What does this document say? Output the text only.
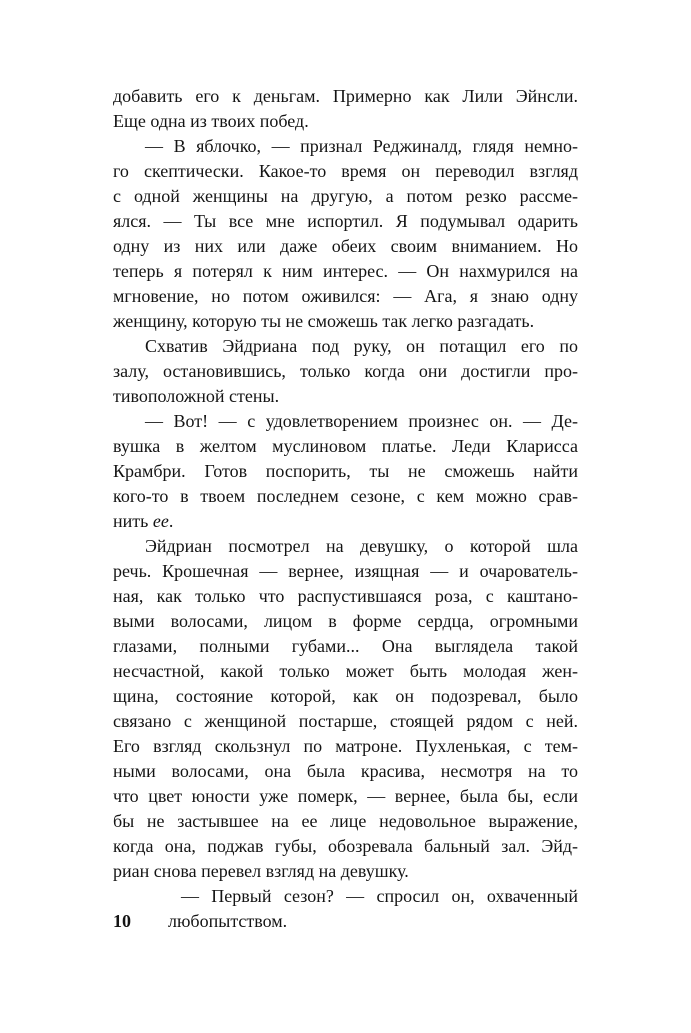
добавить его к деньгам. Примерно как Лили Эйнсли.
Еще одна из твоих побед.
— В яблочко, — признал Реджиналд, глядя немно-
го скептически. Какое-то время он переводил взгляд
с одной женщины на другую, а потом резко рассме-
ялся. — Ты все мне испортил. Я подумывал одарить
одну из них или даже обеих своим вниманием. Но
теперь я потерял к ним интерес. — Он нахмурился на
мгновение, но потом оживился: — Ага, я знаю одну
женщину, которую ты не сможешь так легко разгадать.
Схватив Эйдриана под руку, он потащил его по
залу, остановившись, только когда они достигли про-
тивоположной стены.
— Вот! — с удовлетворением произнес он. — Де-
вушка в желтом муслиновом платье. Леди Кларисса
Крамбри. Готов поспорить, ты не сможешь найти
кого-то в твоем последнем сезоне, с кем можно срав-
нить ее.
Эйдриан посмотрел на девушку, о которой шла
речь. Крошечная — вернее, изящная — и очарователь-
ная, как только что распустившаяся роза, с каштано-
выми волосами, лицом в форме сердца, огромными
глазами, полными губами... Она выглядела такой
несчастной, какой только может быть молодая жен-
щина, состояние которой, как он подозревал, было
связано с женщиной постарше, стоящей рядом с ней.
Его взгляд скользнул по матроне. Пухленькая, с тем-
ными волосами, она была красива, несмотря на то
что цвет юности уже померк, — вернее, была бы, если
бы не застывшее на ее лице недовольное выражение,
когда она, поджав губы, обозревала бальный зал. Эйд-
риан снова перевел взгляд на девушку.
— Первый сезон? — спросил он, охваченный
10	любопытством.
